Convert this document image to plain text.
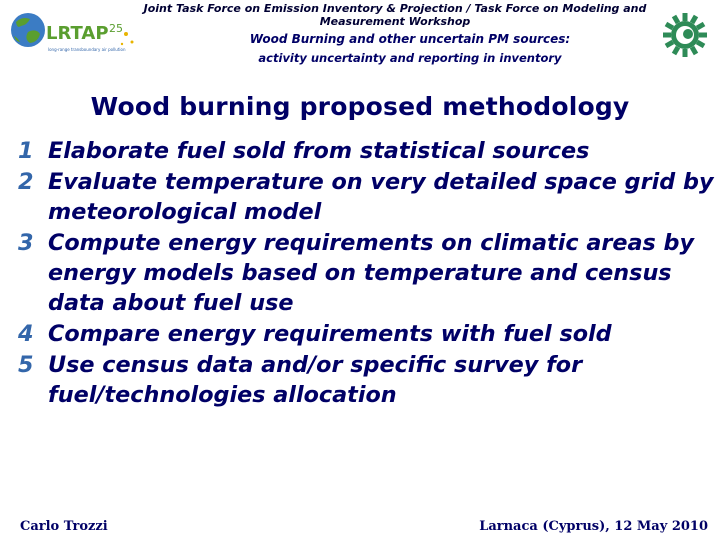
LRTAP 25
long-range transboundary air pollution
Joint Task Force on Emission Inventory & Projection / Task Force on Modeling and Measurement Workshop
Wood Burning and other uncertain PM sources:
activity uncertainty and reporting in inventory
Wood burning proposed methodology
1 Elaborate fuel sold from statistical sources
2 Evaluate temperature on very detailed space grid by meteorological model
3 Compute energy requirements on climatic areas by energy models based on temperature and census data about fuel use
4 Compare energy requirements with fuel sold
5 Use census data and/or specific survey for fuel/technologies allocation
Carlo Trozzi	Larnaca (Cyprus), 12 May 2010
